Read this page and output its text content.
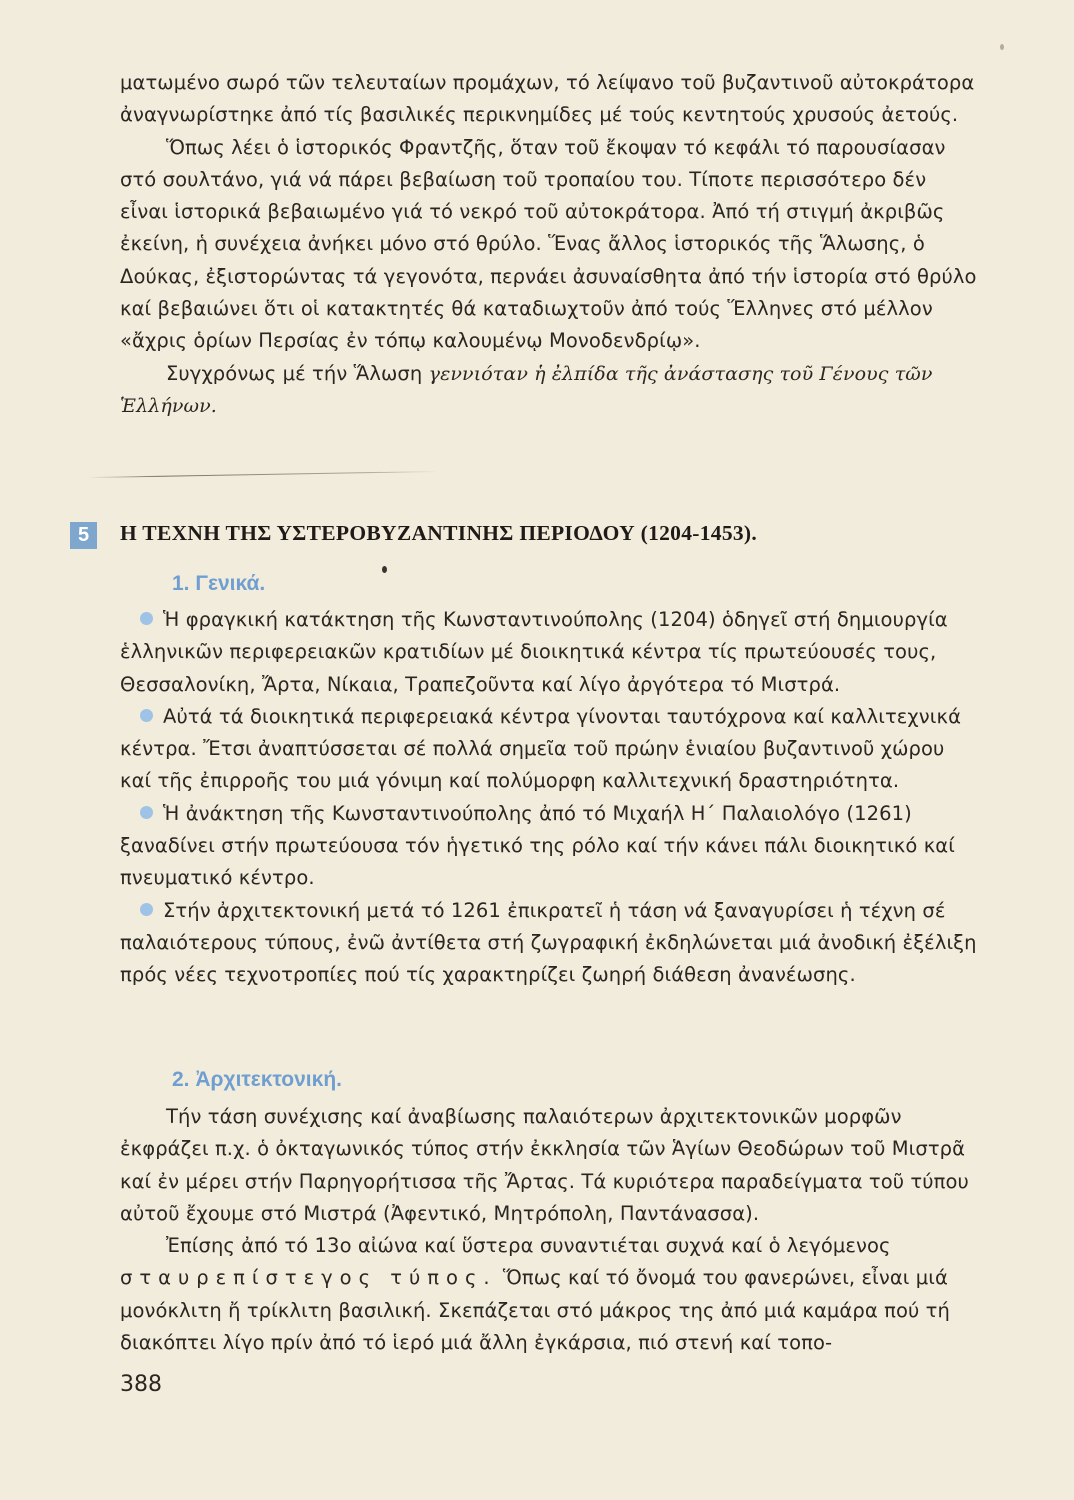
ματωμένο σωρό τῶν τελευταίων προμάχων, τό λείψανο τοῦ βυζαντινοῦ αὐτοκράτορα ἀναγνωρίστηκε ἀπό τίς βασιλικές περικνημίδες μέ τούς κεντητούς χρυσούς ἀετούς.

Ὅπως λέει ὁ ἱστορικός Φραντζῆς, ὅταν τοῦ ἔκοψαν τό κεφάλι τό παρουσίασαν στό σουλτάνο, γιά νά πάρει βεβαίωση τοῦ τροπαίου του. Τίποτε περισσότερο δέν εἶναι ἱστορικά βεβαιωμένο γιά τό νεκρό τοῦ αὐτοκράτορα. Ἀπό τή στιγμή ἀκριβῶς ἐκείνη, ἡ συνέχεια ἀνήκει μόνο στό θρύλο. Ἕνας ἄλλος ἱστορικός τῆς Ἅλωσης, ὁ Δούκας, ἐξιστορώντας τά γεγονότα, περνάει ἀσυναίσθητα ἀπό τήν ἱστορία στό θρύλο καί βεβαιώνει ὅτι οἱ κατακτητές θά καταδιωχτοῦν ἀπό τούς Ἕλληνες στό μέλλον «ἄχρις ὁρίων Περσίας ἐν τόπῳ καλουμένῳ Μονοδενδρίῳ».

Συγχρόνως μέ τήν Ἅλωση γεννιόταν ἡ ἐλπίδα τῆς ἀνάστασης τοῦ Γένους τῶν Ἑλλήνων.

5	Η ΤΕΧΝΗ ΤΗΣ ΥΣΤΕΡΟΒΥΖΑΝΤΙΝΗΣ ΠΕΡΙΟΔΟΥ (1204-1453).
1. Γενικά.

Ἡ φραγκική κατάκτηση τῆς Κωνσταντινούπολης (1204) ὁδηγεῖ στή δημιουργία ἑλληνικῶν περιφερειακῶν κρατιδίων μέ διοικητικά κέντρα τίς πρωτεύουσές τους, Θεσσαλονίκη, Ἄρτα, Νίκαια, Τραπεζοῦντα καί λίγο ἀργότερα τό Μιστρά.

Αὐτά τά διοικητικά περιφερειακά κέντρα γίνονται ταυτόχρονα καί καλλιτεχνικά κέντρα. Ἔτσι ἀναπτύσσεται σέ πολλά σημεῖα τοῦ πρώην ἑνιαίου βυζαντινοῦ χώρου καί τῆς ἐπιρροῆς του μιά γόνιμη καί πολύμορφη καλλιτεχνική δραστηριότητα.

Ἡ ἀνάκτηση τῆς Κωνσταντινούπολης ἀπό τό Μιχαήλ Η΄ Παλαιολόγο (1261) ξαναδίνει στήν πρωτεύουσα τόν ἡγετικό της ρόλο καί τήν κάνει πάλι διοικητικό καί πνευματικό κέντρο.

Στήν ἀρχιτεκτονική μετά τό 1261 ἐπικρατεῖ ἡ τάση νά ξαναγυρίσει ἡ τέχνη σέ παλαιότερους τύπους, ἐνῶ ἀντίθετα στή ζωγραφική ἐκδηλώνεται μιά ἀνοδική ἐξέλιξη πρός νέες τεχνοτροπίες πού τίς χαρακτηρίζει ζωηρή διάθεση ἀνανέωσης.

2. Ἀρχιτεκτονική.

Τήν τάση συνέχισης καί ἀναβίωσης παλαιότερων ἀρχιτεκτονικῶν μορφῶν ἐκφράζει π.χ. ὁ ὀκταγωνικός τύπος στήν ἐκκλησία τῶν Ἁγίων Θεοδώρων τοῦ Μιστρᾶ καί ἐν μέρει στήν Παρηγορήτισσα τῆς Ἄρτας. Τά κυριότερα παραδείγματα τοῦ τύπου αὐτοῦ ἔχουμε στό Μιστρά (Ἀφεντικό, Μητρόπολη, Παντάνασσα).

Ἐπίσης ἀπό τό 13ο αἰώνα καί ὕστερα συναντιέται συχνά καί ὁ λεγόμενος σταυρεπίστεγος τύπος. Ὅπως καί τό ὄνομά του φανερώνει, εἶναι μιά μονόκλιτη ἤ τρίκλιτη βασιλική. Σκεπάζεται στό μάκρος της ἀπό μιά καμάρα πού τή διακόπτει λίγο πρίν ἀπό τό ἱερό μιά ἄλλη ἐγκάρσια, πιό στενή καί τοπο-

388
